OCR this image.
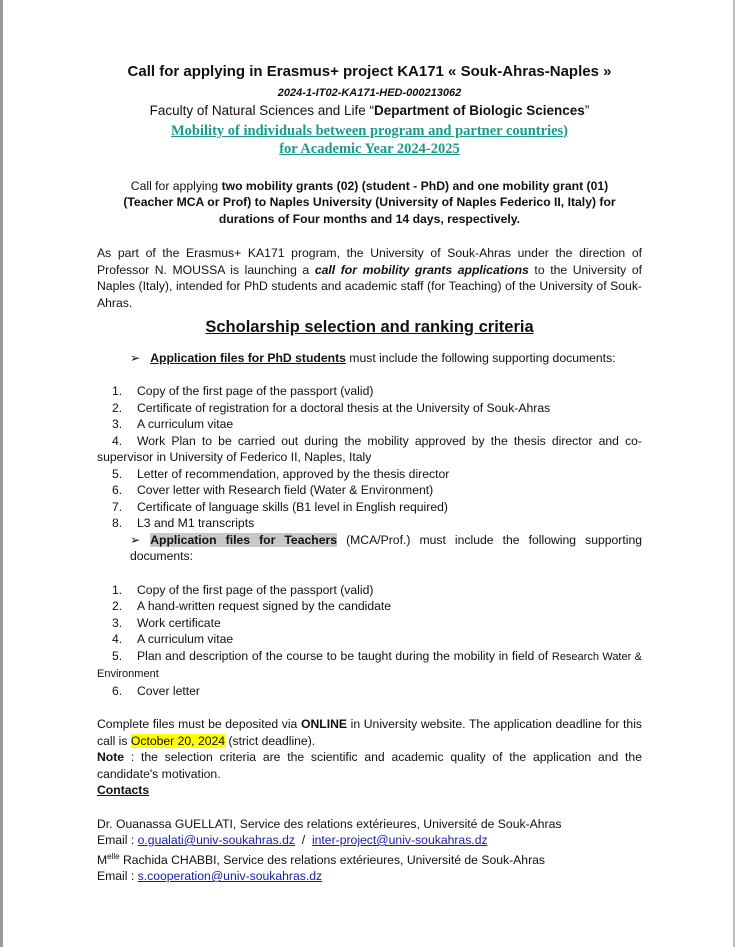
Call for applying in Erasmus+ project KA171 « Souk-Ahras-Naples »
2024-1-IT02-KA171-HED-000213062
Faculty of Natural Sciences and Life “Department of Biologic Sciences”
Mobility of individuals between program and partner countries)
for Academic Year 2024-2025
Call for applying two mobility grants (02) (student - PhD) and one mobility grant (01) (Teacher MCA or Prof) to Naples University (University of Naples Federico II, Italy) for durations of Four months and 14 days, respectively.
As part of the Erasmus+ KA171 program, the University of Souk-Ahras under the direction of Professor N. MOUSSA is launching a call for mobility grants applications to the University of Naples (Italy), intended for PhD students and academic staff (for Teaching) of the University of Souk-Ahras.
Scholarship selection and ranking criteria
➢ Application files for PhD students must include the following supporting documents:
1.	Copy of the first page of the passport (valid)
2.	Certificate of registration for a doctoral thesis at the University of Souk-Ahras
3.	A curriculum vitae
4. Work Plan to be carried out during the mobility approved by the thesis director and co-supervisor in University of Federico II, Naples, Italy
5.	Letter of recommendation, approved by the thesis director
6.	Cover letter with Research field (Water & Environment)
7.	Certificate of language skills (B1 level in English required)
8.	L3 and M1 transcripts
➢ Application files for Teachers (MCA/Prof.) must include the following supporting documents:
1.	Copy of the first page of the passport (valid)
2.	A hand-written request signed by the candidate
3.	Work certificate
4.	A curriculum vitae
5. Plan and description of the course to be taught during the mobility in field of Research Water & Environment
6.	Cover letter
Complete files must be deposited via ONLINE in University website. The application deadline for this call is October 20, 2024 (strict deadline).
Note : the selection criteria are the scientific and academic quality of the application and the candidate's motivation.
Contacts
Dr. Ouanassa GUELLATI, Service des relations extérieures, Université de Souk-Ahras
Email : o.gualati@univ-soukahras.dz  /  inter-project@univ-soukahras.dz
$M^{elle}$ Rachida CHABBI, Service des relations extérieures, Université de Souk-Ahras
Email : s.cooperation@univ-soukahras.dz
